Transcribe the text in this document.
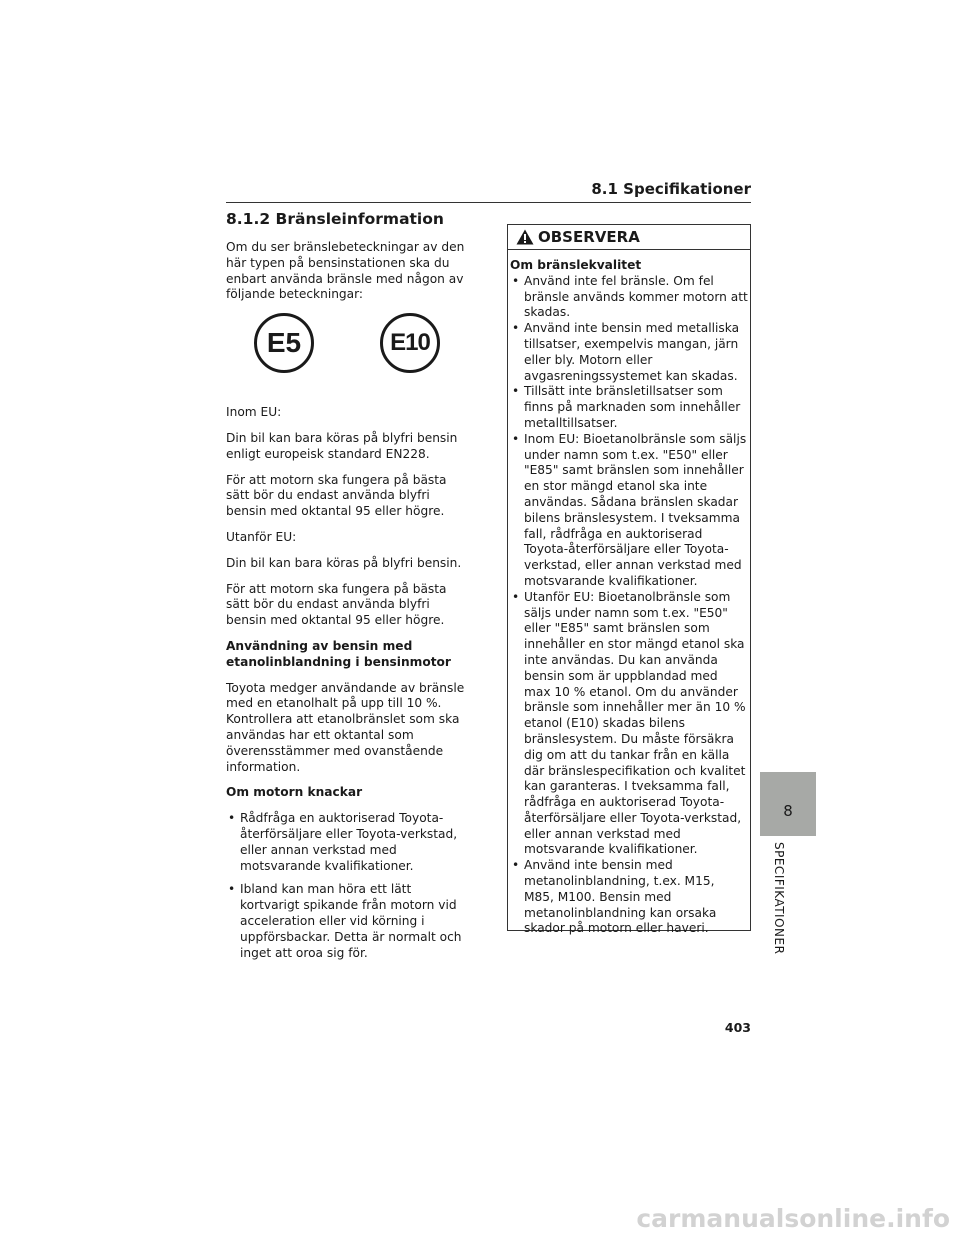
8.1 Specifikationer
8.1.2 Bränsleinformation

Om du ser bränslebeteckningar av den här typen på bensinstationen ska du enbart använda bränsle med någon av följande beteckningar:

E5	E10

Inom EU:

Din bil kan bara köras på blyfri bensin enligt europeisk standard EN228.

För att motorn ska fungera på bästa sätt bör du endast använda blyfri bensin med oktantal 95 eller högre.

Utanför EU:

Din bil kan bara köras på blyfri bensin.

För att motorn ska fungera på bästa sätt bör du endast använda blyfri bensin med oktantal 95 eller högre.

Användning av bensin med etanolinblandning i bensinmotor

Toyota medger användande av bränsle med en etanolhalt på upp till 10 %. Kontrollera att etanolbränslet som ska användas har ett oktantal som överensstämmer med ovanstående information.

Om motorn knackar

• Rådfråga en auktoriserad Toyota-återförsäljare eller Toyota-verkstad, eller annan verkstad med motsvarande kvalifikationer.
• Ibland kan man höra ett lätt kortvarigt spikande från motorn vid acceleration eller vid körning i uppförsbackar. Detta är normalt och inget att oroa sig för.
OBSERVERA
Om bränslekvalitet
• Använd inte fel bränsle. Om fel bränsle används kommer motorn att skadas.
• Använd inte bensin med metalliska tillsatser, exempelvis mangan, järn eller bly. Motorn eller avgasreningssystemet kan skadas.
• Tillsätt inte bränsletillsatser som finns på marknaden som innehåller metalltillsatser.
• Inom EU: Bioetanolbränsle som säljs under namn som t.ex. "E50" eller "E85" samt bränslen som innehåller en stor mängd etanol ska inte användas. Sådana bränslen skadar bilens bränslesystem. I tveksamma fall, rådfråga en auktoriserad Toyota-återförsäljare eller Toyota-verkstad, eller annan verkstad med motsvarande kvalifikationer.
• Utanför EU: Bioetanolbränsle som säljs under namn som t.ex. "E50" eller "E85" samt bränslen som innehåller en stor mängd etanol ska inte användas. Du kan använda bensin som är uppblandad med max 10 % etanol. Om du använder bränsle som innehåller mer än 10 % etanol (E10) skadas bilens bränslesystem. Du måste försäkra dig om att du tankar från en källa där bränslespecifikation och kvalitet kan garanteras. I tveksamma fall, rådfråga en auktoriserad Toyota-återförsäljare eller Toyota-verkstad, eller annan verkstad med motsvarande kvalifikationer.
• Använd inte bensin med metanolinblandning, t.ex. M15, M85, M100. Bensin med metanolinblandning kan orsaka skador på motorn eller haveri.
8
SPECIFIKATIONER
403
carmanualsonline.info
